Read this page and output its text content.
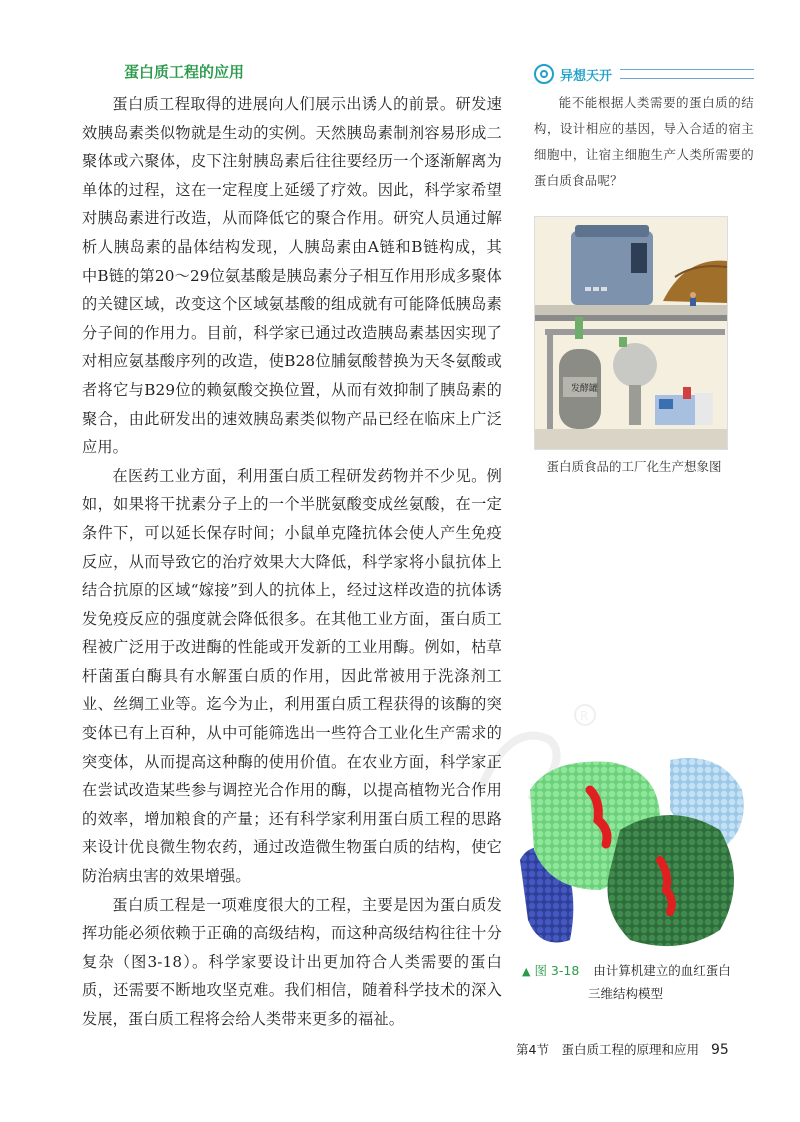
R
蛋白质工程的应用

蛋白质工程取得的进展向人们展示出诱人的前景。研发速效胰岛素类似物就是生动的实例。天然胰岛素制剂容易形成二聚体或六聚体，皮下注射胰岛素后往往要经历一个逐渐解离为单体的过程，这在一定程度上延缓了疗效。因此，科学家希望对胰岛素进行改造，从而降低它的聚合作用。研究人员通过解析人胰岛素的晶体结构发现，人胰岛素由A链和B链构成，其中B链的第20～29位氨基酸是胰岛素分子相互作用形成多聚体的关键区域，改变这个区域氨基酸的组成就有可能降低胰岛素分子间的作用力。目前，科学家已通过改造胰岛素基因实现了对相应氨基酸序列的改造，使B28位脯氨酸替换为天冬氨酸或者将它与B29位的赖氨酸交换位置，从而有效抑制了胰岛素的聚合，由此研发出的速效胰岛素类似物产品已经在临床上广泛应用。

在医药工业方面，利用蛋白质工程研发药物并不少见。例如，如果将干扰素分子上的一个半胱氨酸变成丝氨酸，在一定条件下，可以延长保存时间；小鼠单克隆抗体会使人产生免疫反应，从而导致它的治疗效果大大降低，科学家将小鼠抗体上结合抗原的区域“嫁接”到人的抗体上，经过这样改造的抗体诱发免疫反应的强度就会降低很多。在其他工业方面，蛋白质工程被广泛用于改进酶的性能或开发新的工业用酶。例如，枯草杆菌蛋白酶具有水解蛋白质的作用，因此常被用于洗涤剂工业、丝绸工业等。迄今为止，利用蛋白质工程获得的该酶的突变体已有上百种，从中可能筛选出一些符合工业化生产需求的突变体，从而提高这种酶的使用价值。在农业方面，科学家正在尝试改造某些参与调控光合作用的酶，以提高植物光合作用的效率，增加粮食的产量；还有科学家利用蛋白质工程的思路来设计优良微生物农药，通过改造微生物蛋白质的结构，使它防治病虫害的效果增强。

蛋白质工程是一项难度很大的工程，主要是因为蛋白质发挥功能必须依赖于正确的高级结构，而这种高级结构往往十分复杂（图3-18）。科学家要设计出更加符合人类需要的蛋白质，还需要不断地攻坚克难。我们相信，随着科学技术的深入发展，蛋白质工程将会给人类带来更多的福祉。

异想天开

能不能根据人类需要的蛋白质的结构，设计相应的基因，导入合适的宿主细胞中，让宿主细胞生产人类所需要的蛋白质食品呢？

发酵罐
蛋白质食品的工厂化生产想象图
▲ 图 3-18 由计算机建立的血红蛋白
三维结构模型
第4节　蛋白质工程的原理和应用 95
